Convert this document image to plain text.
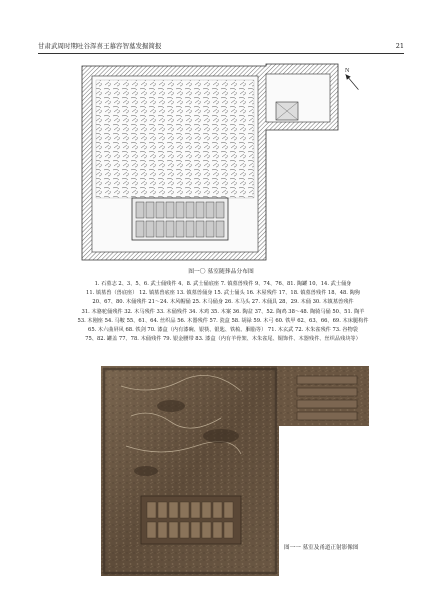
甘肃武周时期吐谷浑喜王慕容智墓发掘简报	21
N
图一〇 墓室随葬品分布图
1. 石墓志 2、3、5、6. 武士俑残件 4、8. 武士俑底座 7. 镇墓兽残件 9、74、76、81. 陶罐 10、14. 武士俑身
11. 镇墓兽（兽底座） 12. 镇墓兽底座 13. 镇墓兽俑身 15. 武士俑头 16. 木屋残件 17、18. 镇墓兽残件 18、48. 陶狗
20、67、80. 木俑残件 21～24. 木风帽俑 25. 木马俑身 26. 木马头 27. 木俑具 28、29. 木俑 30. 木镇墓兽残件
31. 木骆驼俑残件 32. 木马残件 33. 木俑残件 34. 木鸡 35. 木案 36. 陶盆 37、52. 陶鸡 38～48. 陶骑马俑 50、51. 陶羊
53. 木刚座 54. 马鞍 55、61、64. 丝织品 56. 木器残件 57. 瓷盒 58. 胡禄 59. 木弓 60. 铁甲 62、63、66、69. 木床腿构件
65. 木六曲屏风 68. 铁剑 70. 漆盒（内有漆碗、银筷、银匙、铁梳、胭脂等） 71. 木玄武 72. 木朱雀残件 73. 谷物袋
75、82. 罐盖 77、78. 木俑残件 79. 银金腰带 83. 漆盒（内有羊骨架、木朱雀尾、铜饰件、木器残件、丝织品残块等）
图一一 墓室及甬道正射影像图
